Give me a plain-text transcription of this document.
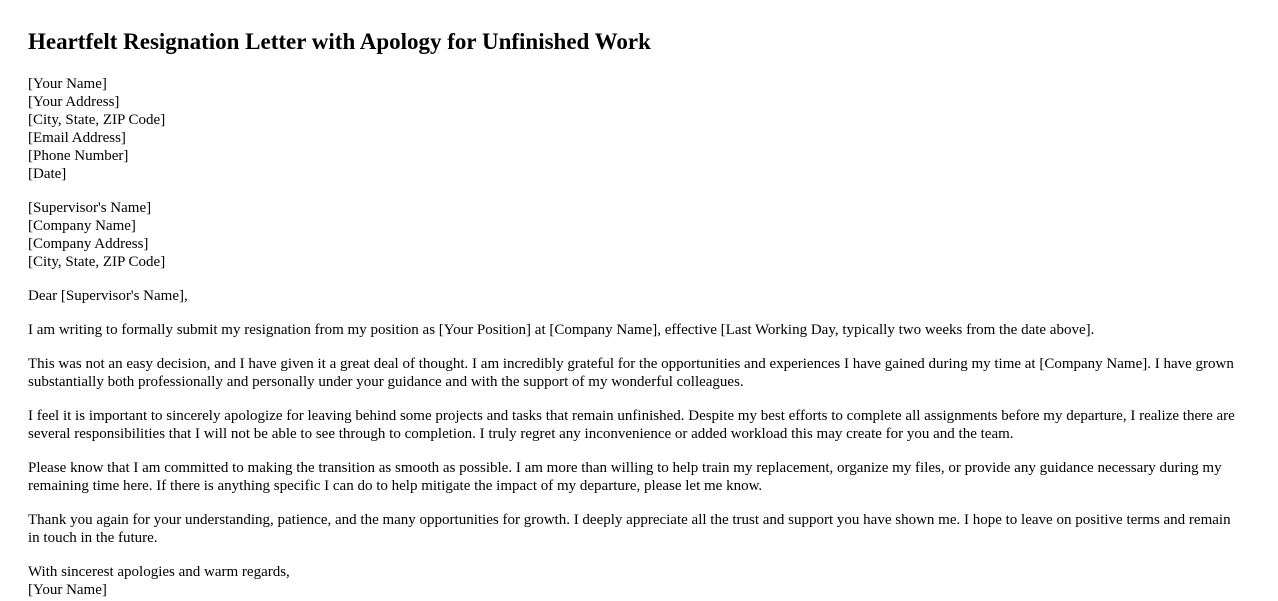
Heartfelt Resignation Letter with Apology for Unfinished Work
[Your Name]
[Your Address]
[City, State, ZIP Code]
[Email Address]
[Phone Number]
[Date]
[Supervisor's Name]
[Company Name]
[Company Address]
[City, State, ZIP Code]

Dear [Supervisor's Name],

I am writing to formally submit my resignation from my position as [Your Position] at [Company Name], effective [Last Working Day, typically two weeks from the date above].

This was not an easy decision, and I have given it a great deal of thought. I am incredibly grateful for the opportunities and experiences I have gained during my time at [Company Name]. I have grown substantially both professionally and personally under your guidance and with the support of my wonderful colleagues.

I feel it is important to sincerely apologize for leaving behind some projects and tasks that remain unfinished. Despite my best efforts to complete all assignments before my departure, I realize there are several responsibilities that I will not be able to see through to completion. I truly regret any inconvenience or added workload this may create for you and the team.

Please know that I am committed to making the transition as smooth as possible. I am more than willing to help train my replacement, organize my files, or provide any guidance necessary during my remaining time here. If there is anything specific I can do to help mitigate the impact of my departure, please let me know.

Thank you again for your understanding, patience, and the many opportunities for growth. I deeply appreciate all the trust and support you have shown me. I hope to leave on positive terms and remain in touch in the future.

With sincerest apologies and warm regards,
[Your Name]
